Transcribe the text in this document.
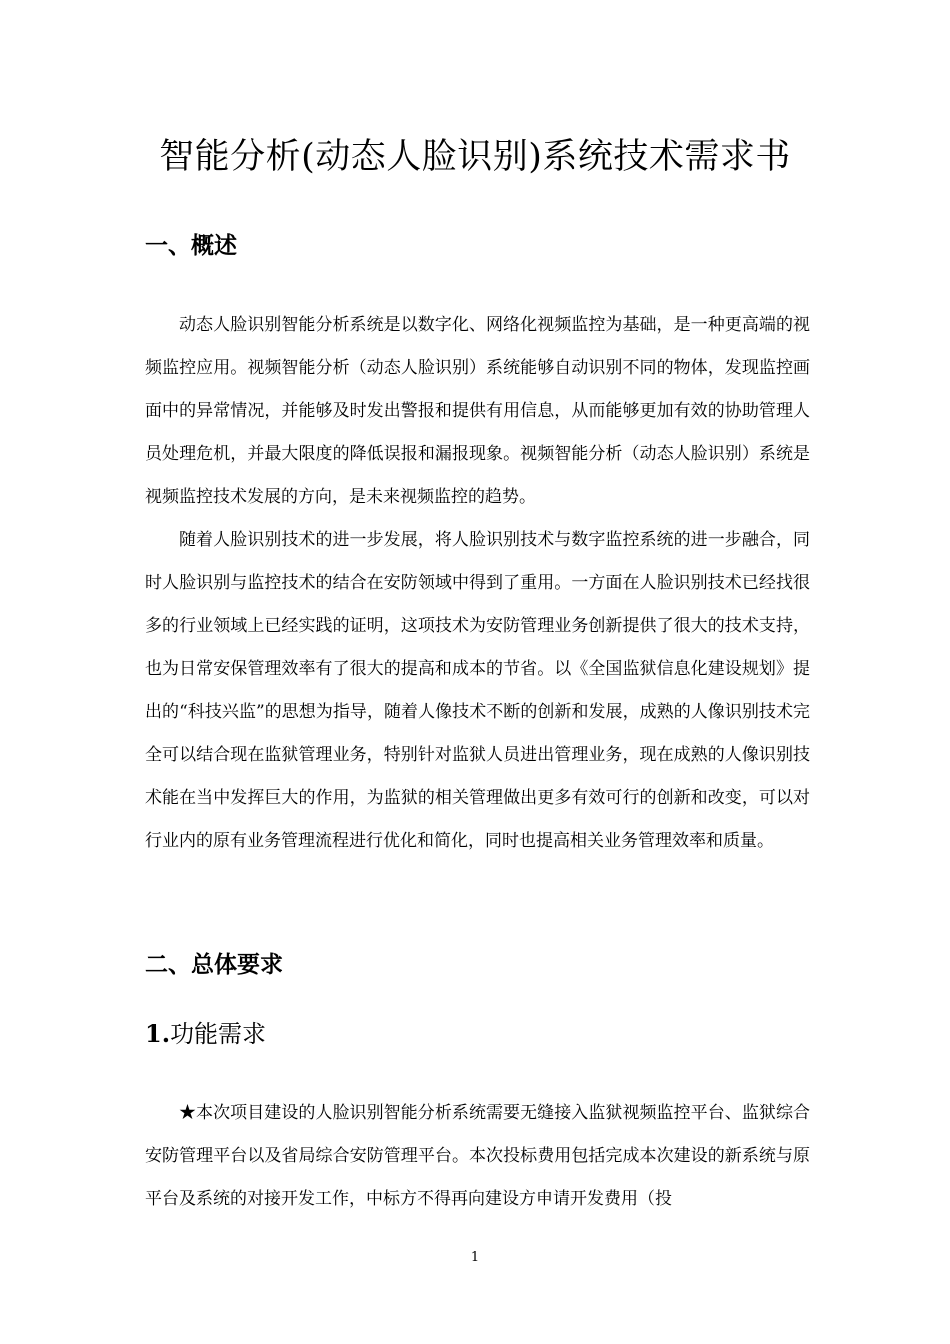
智能分析(动态人脸识别)系统技术需求书
一、概述

动态人脸识别智能分析系统是以数字化、网络化视频监控为基础，是一种更高端的视频监控应用。视频智能分析（动态人脸识别）系统能够自动识别不同的物体，发现监控画面中的异常情况，并能够及时发出警报和提供有用信息，从而能够更加有效的协助管理人员处理危机，并最大限度的降低误报和漏报现象。视频智能分析（动态人脸识别）系统是视频监控技术发展的方向，是未来视频监控的趋势。

随着人脸识别技术的进一步发展，将人脸识别技术与数字监控系统的进一步融合，同时人脸识别与监控技术的结合在安防领域中得到了重用。一方面在人脸识别技术已经找很多的行业领域上已经实践的证明，这项技术为安防管理业务创新提供了很大的技术支持，也为日常安保管理效率有了很大的提高和成本的节省。以《全国监狱信息化建设规划》提出的“科技兴监”的思想为指导，随着人像技术不断的创新和发展，成熟的人像识别技术完全可以结合现在监狱管理业务，特别针对监狱人员进出管理业务，现在成熟的人像识别技术能在当中发挥巨大的作用，为监狱的相关管理做出更多有效可行的创新和改变，可以对行业内的原有业务管理流程进行优化和简化，同时也提高相关业务管理效率和质量。

二、总体要求
1.功能需求

★本次项目建设的人脸识别智能分析系统需要无缝接入监狱视频监控平台、监狱综合安防管理平台以及省局综合安防管理平台。本次投标费用包括完成本次建设的新系统与原平台及系统的对接开发工作，中标方不得再向建设方申请开发费用（投

1
